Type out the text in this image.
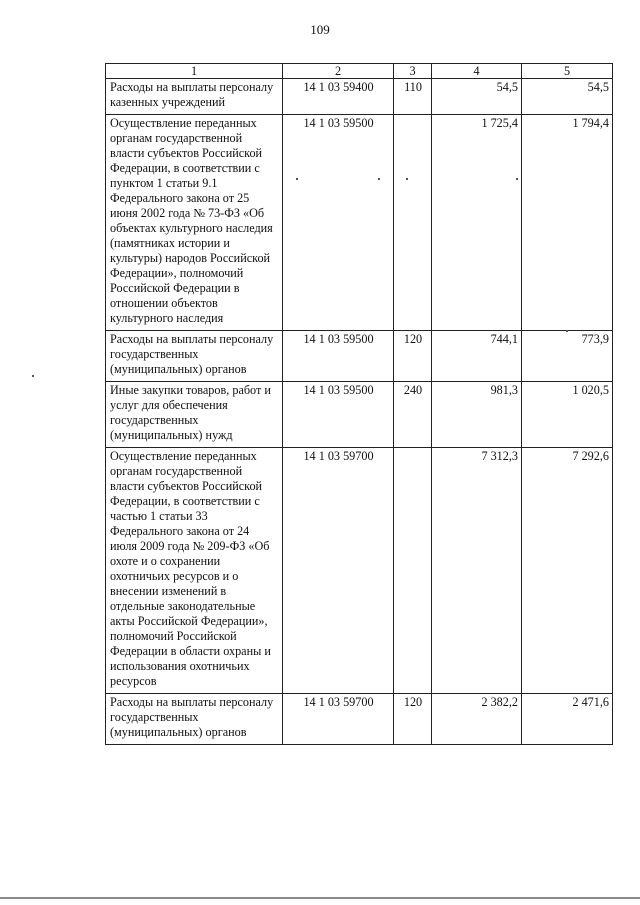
109
1	2	3	4	5
Расходы на выплаты персоналу казенных учреждений	14 1 03 59400	110	54,5	54,5
Осуществление переданных органам государственной власти субъектов Российской Федерации, в соответствии с пунктом 1 статьи 9.1 Федерального закона от 25 июня 2002 года № 73-ФЗ «Об объектах культурного наследия (памятниках истории и культуры) народов Российской Федерации», полномочий Российской Федерации в отношении объектов культурного наследия	14 1 03 59500		1 725,4	1 794,4
Расходы на выплаты персоналу государственных (муниципальных) органов	14 1 03 59500	120	744,1	773,9
Иные закупки товаров, работ и услуг для обеспечения государственных (муниципальных) нужд	14 1 03 59500	240	981,3	1 020,5
Осуществление переданных органам государственной власти субъектов Российской Федерации, в соответствии с частью 1 статьи 33 Федерального закона от 24 июля 2009 года № 209-ФЗ «Об охоте и о сохранении охотничьих ресурсов и о внесении изменений в отдельные законодательные акты Российской Федерации», полномочий Российской Федерации в области охраны и использования охотничьих ресурсов	14 1 03 59700		7 312,3	7 292,6
Расходы на выплаты персоналу государственных (муниципальных) органов	14 1 03 59700	120	2 382,2	2 471,6
